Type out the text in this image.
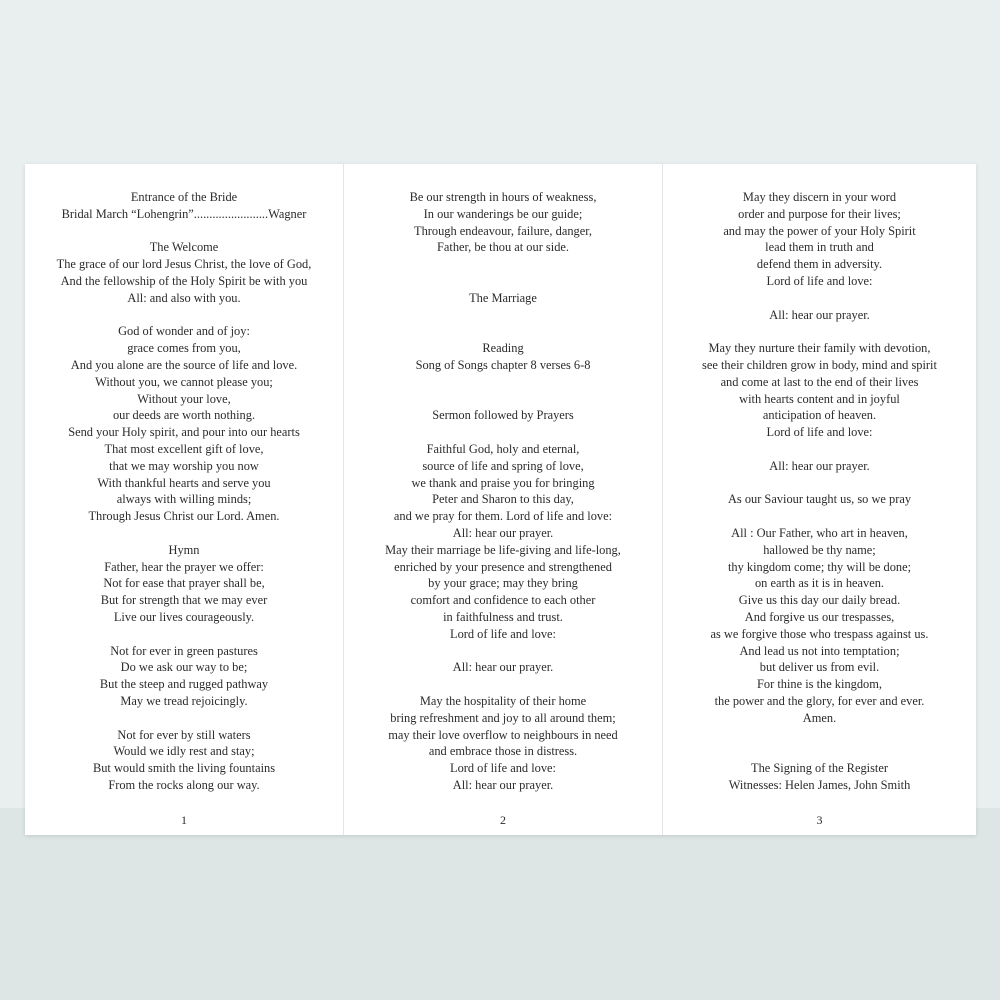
Entrance of the Bride
Bridal March “Lohengrin”........................Wagner
The Welcome
The grace of our lord Jesus Christ, the love of God,
And the fellowship of the Holy Spirit be with you
All: and also with you.
God of wonder and of joy:
grace comes from you,
And you alone are the source of life and love.
Without you, we cannot please you;
Without your love,
our deeds are worth nothing.
Send your Holy spirit, and pour into our hearts
That most excellent gift of love,
that we may worship you now
With thankful hearts and serve you
always with willing minds;
Through Jesus Christ our Lord. Amen.
Hymn
Father, hear the prayer we offer:
Not for ease that prayer shall be,
But for strength that we may ever
Live our lives courageously.
Not for ever in green pastures
Do we ask our way to be;
But the steep and rugged pathway
May we tread rejoicingly.
Not for ever by still waters
Would we idly rest and stay;
But would smith the living fountains
From the rocks along our way.
1
Be our strength in hours of weakness,
In our wanderings be our guide;
Through endeavour, failure, danger,
Father, be thou at our side.
The Marriage
Reading
Song of Songs chapter 8 verses 6-8
Sermon followed by Prayers
Faithful God, holy and eternal,
source of life and spring of love,
we thank and praise you for bringing
Peter and Sharon to this day,
and we pray for them. Lord of life and love:
All: hear our prayer.
May their marriage be life-giving and life-long,
enriched by your presence and strengthened
by your grace; may they bring
comfort and confidence to each other
in faithfulness and trust.
Lord of life and love:
All: hear our prayer.
May the hospitality of their home
bring refreshment and joy to all around them;
may their love overflow to neighbours in need
and embrace those in distress.
Lord of life and love:
All: hear our prayer.
2
May they discern in your word
order and purpose for their lives;
and may the power of your Holy Spirit
lead them in truth and
defend them in adversity.
Lord of life and love:
All: hear our prayer.
May they nurture their family with devotion,
see their children grow in body, mind and spirit
and come at last to the end of their lives
with hearts content and in joyful
anticipation of heaven.
Lord of life and love:
All: hear our prayer.
As our Saviour taught us, so we pray
All : Our Father, who art in heaven,
hallowed be thy name;
thy kingdom come; thy will be done;
on earth as it is in heaven.
Give us this day our daily bread.
And forgive us our trespasses,
as we forgive those who trespass against us.
And lead us not into temptation;
but deliver us from evil.
For thine is the kingdom,
the power and the glory, for ever and ever.
Amen.
The Signing of the Register
Witnesses: Helen James, John Smith
3
